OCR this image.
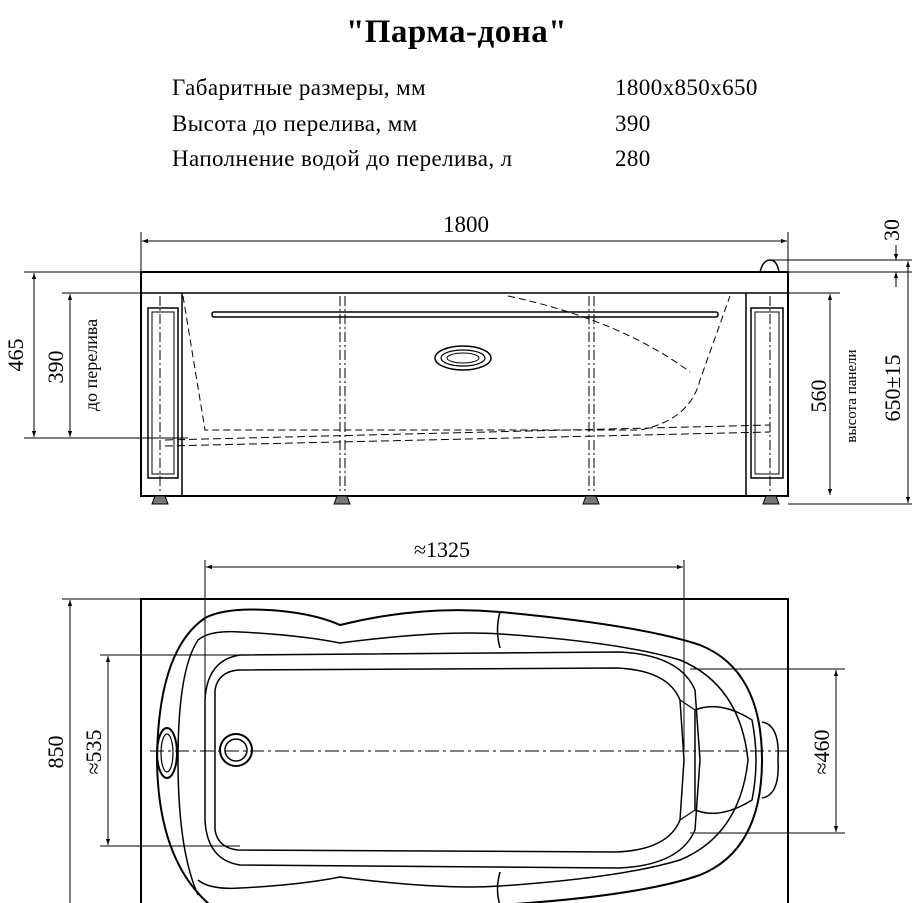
"Парма-дона"
Габаритные размеры, мм	1800x850x650
Высота до перелива, мм	390
Наполнение водой до перелива, л	280
1800	30
650±15
560 высота панели
465 390 до перелива
≈1325
850 ≈535	≈460
